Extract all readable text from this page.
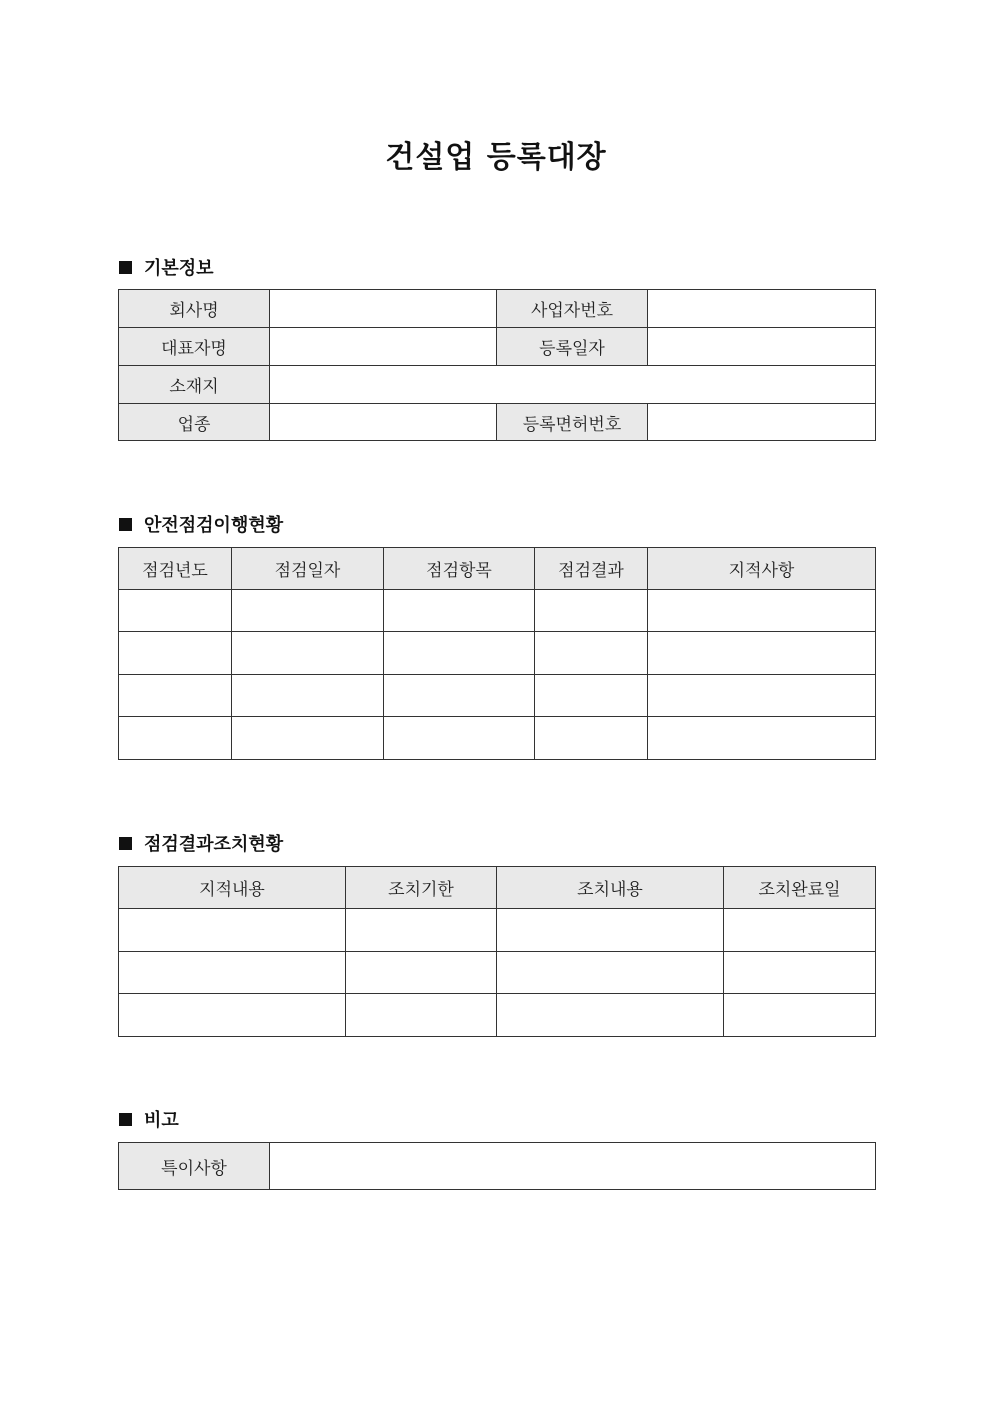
건설업 등록대장
기본정보
회사명		사업자번호	
대표자명		등록일자	
소재지			
업종		등록면허번호	
안전점검이행현황
점검년도	점검일자	점검항목	점검결과	지적사항

점검결과조치현황
지적내용	조치기한	조치내용	조치완료일

비고
특이사항	
